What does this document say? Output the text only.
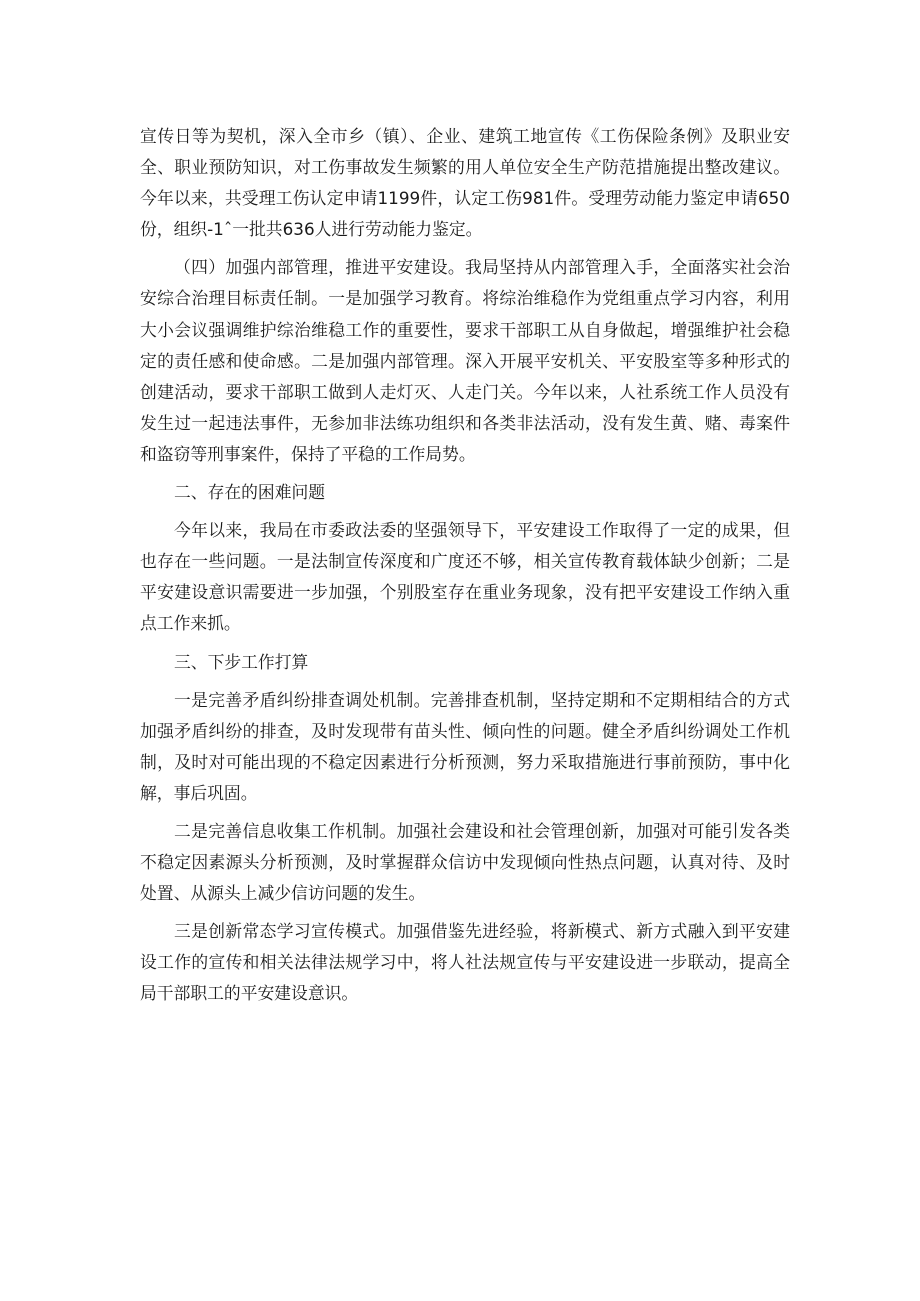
宣传日等为契机，深入全市乡（镇）、企业、建筑工地宣传《工伤保险条例》及职业安全、职业预防知识，对工伤事故发生频繁的用人单位安全生产防范措施提出整改建议。今年以来，共受理工伤认定申请1199件，认定工伤981件。受理劳动能力鉴定申请650份，组织-1ˆ一批共636人进行劳动能力鉴定。

（四）加强内部管理，推进平安建设。我局坚持从内部管理入手，全面落实社会治安综合治理目标责任制。一是加强学习教育。将综治维稳作为党组重点学习内容，利用大小会议强调维护综治维稳工作的重要性，要求干部职工从自身做起，增强维护社会稳定的责任感和使命感。二是加强内部管理。深入开展平安机关、平安股室等多种形式的创建活动，要求干部职工做到人走灯灭、人走门关。今年以来，人社系统工作人员没有发生过一起违法事件，无参加非法练功组织和各类非法活动，没有发生黄、赌、毒案件和盗窃等刑事案件，保持了平稳的工作局势。

二、存在的困难问题

今年以来，我局在市委政法委的坚强领导下，平安建设工作取得了一定的成果，但也存在一些问题。一是法制宣传深度和广度还不够，相关宣传教育载体缺少创新；二是平安建设意识需要进一步加强，个别股室存在重业务现象，没有把平安建设工作纳入重点工作来抓。

三、下步工作打算

一是完善矛盾纠纷排查调处机制。完善排查机制，坚持定期和不定期相结合的方式加强矛盾纠纷的排查，及时发现带有苗头性、倾向性的问题。健全矛盾纠纷调处工作机制，及时对可能出现的不稳定因素进行分析预测，努力采取措施进行事前预防，事中化解，事后巩固。

二是完善信息收集工作机制。加强社会建设和社会管理创新，加强对可能引发各类不稳定因素源头分析预测，及时掌握群众信访中发现倾向性热点问题，认真对待、及时处置、从源头上减少信访问题的发生。

三是创新常态学习宣传模式。加强借鉴先进经验，将新模式、新方式融入到平安建设工作的宣传和相关法律法规学习中，将人社法规宣传与平安建设进一步联动，提高全局干部职工的平安建设意识。
